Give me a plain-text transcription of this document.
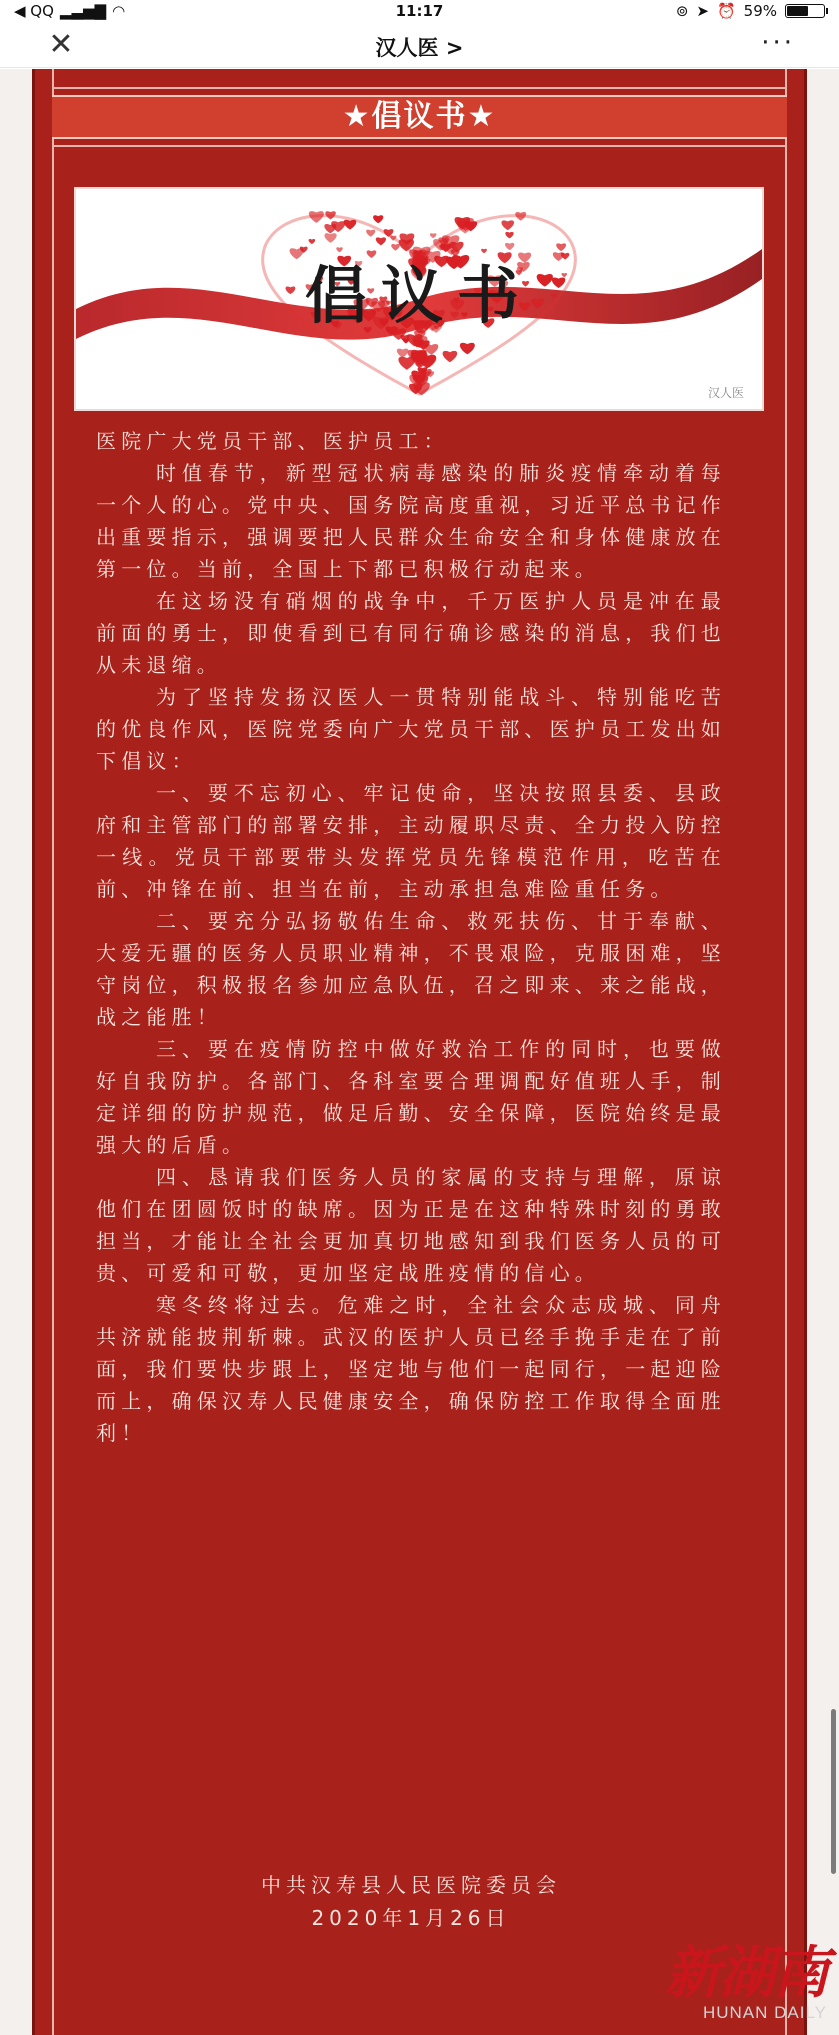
◀ QQ ▂▃▅▇ ◠	11:17	⊚ ➤ ⏰ 59%
✕	汉人医 >	···
★倡议书★
倡议书
汉人医

医院广大党员干部、医护员工：

时值春节，新型冠状病毒感染的肺炎疫情牵动着每一个人的心。党中央、国务院高度重视，习近平总书记作出重要指示，强调要把人民群众生命安全和身体健康放在第一位。当前，全国上下都已积极行动起来。

在这场没有硝烟的战争中，千万医护人员是冲在最前面的勇士，即使看到已有同行确诊感染的消息，我们也从未退缩。

为了坚持发扬汉医人一贯特别能战斗、特别能吃苦的优良作风，医院党委向广大党员干部、医护员工发出如下倡议：

一、要不忘初心、牢记使命，坚决按照县委、县政府和主管部门的部署安排，主动履职尽责、全力投入防控一线。党员干部要带头发挥党员先锋模范作用，吃苦在前、冲锋在前、担当在前，主动承担急难险重任务。

二、要充分弘扬敬佑生命、救死扶伤、甘于奉献、大爱无疆的医务人员职业精神，不畏艰险，克服困难，坚守岗位，积极报名参加应急队伍，召之即来、来之能战，战之能胜！

三、要在疫情防控中做好救治工作的同时，也要做好自我防护。各部门、各科室要合理调配好值班人手，制定详细的防护规范，做足后勤、安全保障，医院始终是最强大的后盾。

四、恳请我们医务人员的家属的支持与理解，原谅他们在团圆饭时的缺席。因为正是在这种特殊时刻的勇敢担当，才能让全社会更加真切地感知到我们医务人员的可贵、可爱和可敬，更加坚定战胜疫情的信心。

寒冬终将过去。危难之时，全社会众志成城、同舟共济就能披荆斩棘。武汉的医护人员已经手挽手走在了前面，我们要快步跟上，坚定地与他们一起同行，一起迎险而上，确保汉寿人民健康安全，确保防控工作取得全面胜利！

中共汉寿县人民医院委员会
2020年1月26日
新湖南
HUNAN DAILY
